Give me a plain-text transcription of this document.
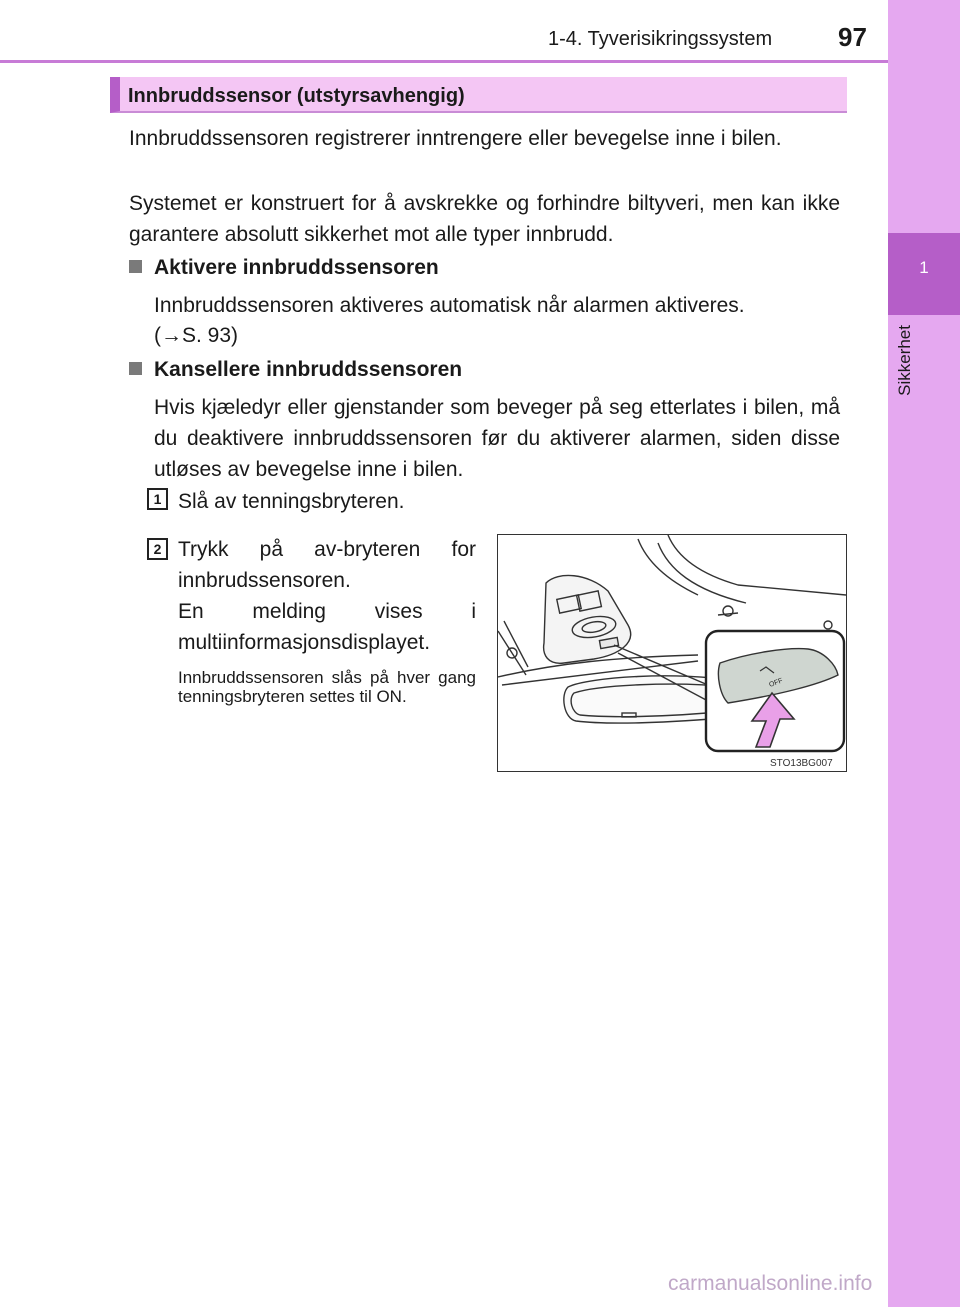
1-4. Tyverisikringssystem	97
1
Sikkerhet
Innbruddssensor (utstyrsavhengig)

Innbruddssensoren registrerer inntrengere eller bevegelse inne i bilen.

Systemet er konstruert for å avskrekke og forhindre biltyveri, men kan ikke garantere absolutt sikkerhet mot alle typer innbrudd.

Aktivere innbruddssensoren

Innbruddssensoren aktiveres automatisk når alarmen aktiveres.

(→S. 93)

Kansellere innbruddssensoren

Hvis kjæledyr eller gjenstander som beveger på seg etterlates i bilen, må du deaktivere innbruddssensoren før du aktiverer alarmen, siden disse utløses av bevegelse inne i bilen.

1 Slå av tenningsbryteren.

2 Trykk på av-bryteren for innbrudssensoren.

En melding vises i multiinformasjonsdisplayet.

Innbruddssensoren slås på hver gang tenningsbryteren settes til ON.

OFF
STO13BG007
carmanualsonline.info
